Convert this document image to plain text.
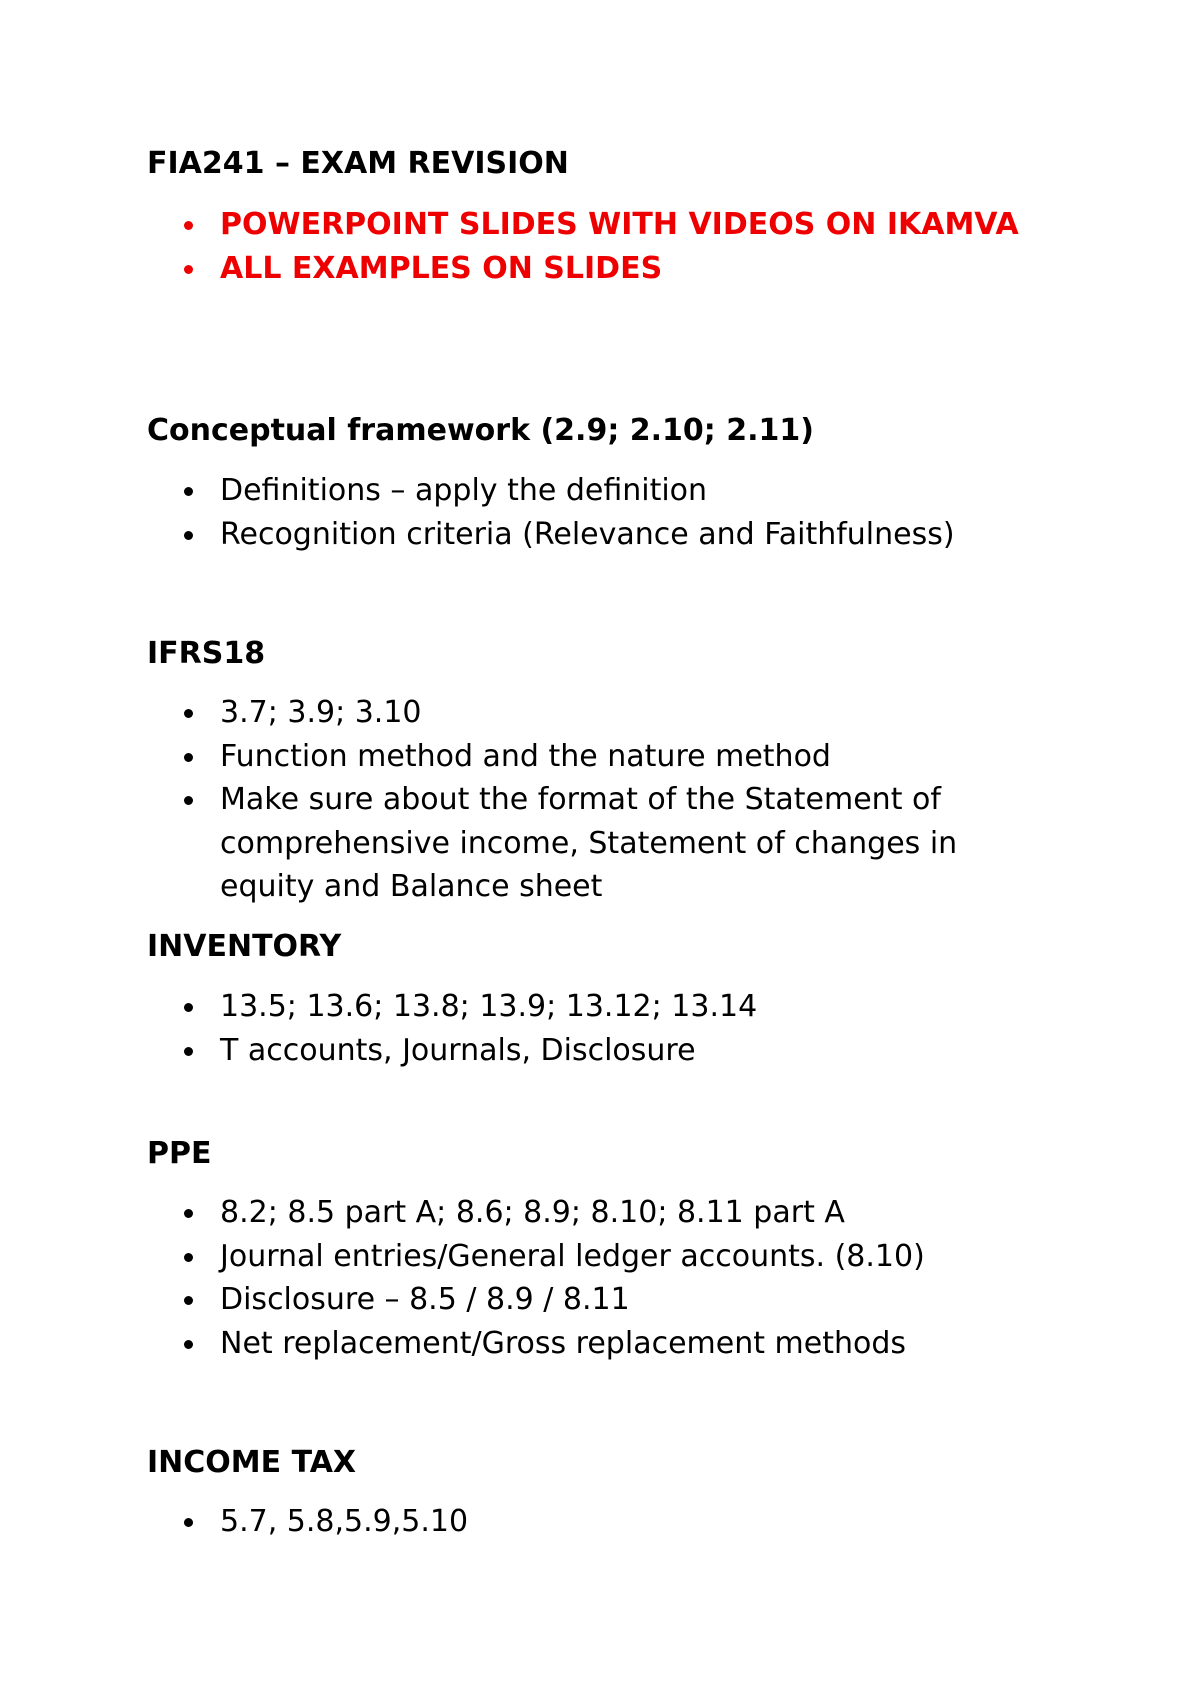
FIA241 – EXAM REVISION
POWERPOINT SLIDES WITH VIDEOS ON IKAMVA
ALL EXAMPLES ON SLIDES
Conceptual framework (2.9; 2.10; 2.11)
Definitions – apply the definition
Recognition criteria (Relevance and Faithfulness)
IFRS18
3.7; 3.9; 3.10
Function method and the nature method
Make sure about the format of the Statement of comprehensive income, Statement of changes in equity and Balance sheet
INVENTORY
13.5; 13.6; 13.8; 13.9; 13.12; 13.14
T accounts, Journals, Disclosure
PPE
8.2; 8.5 part A; 8.6; 8.9; 8.10; 8.11 part A
Journal entries/General ledger accounts. (8.10)
Disclosure – 8.5 / 8.9 / 8.11
Net replacement/Gross replacement methods
INCOME TAX
5.7, 5.8,5.9,5.10
